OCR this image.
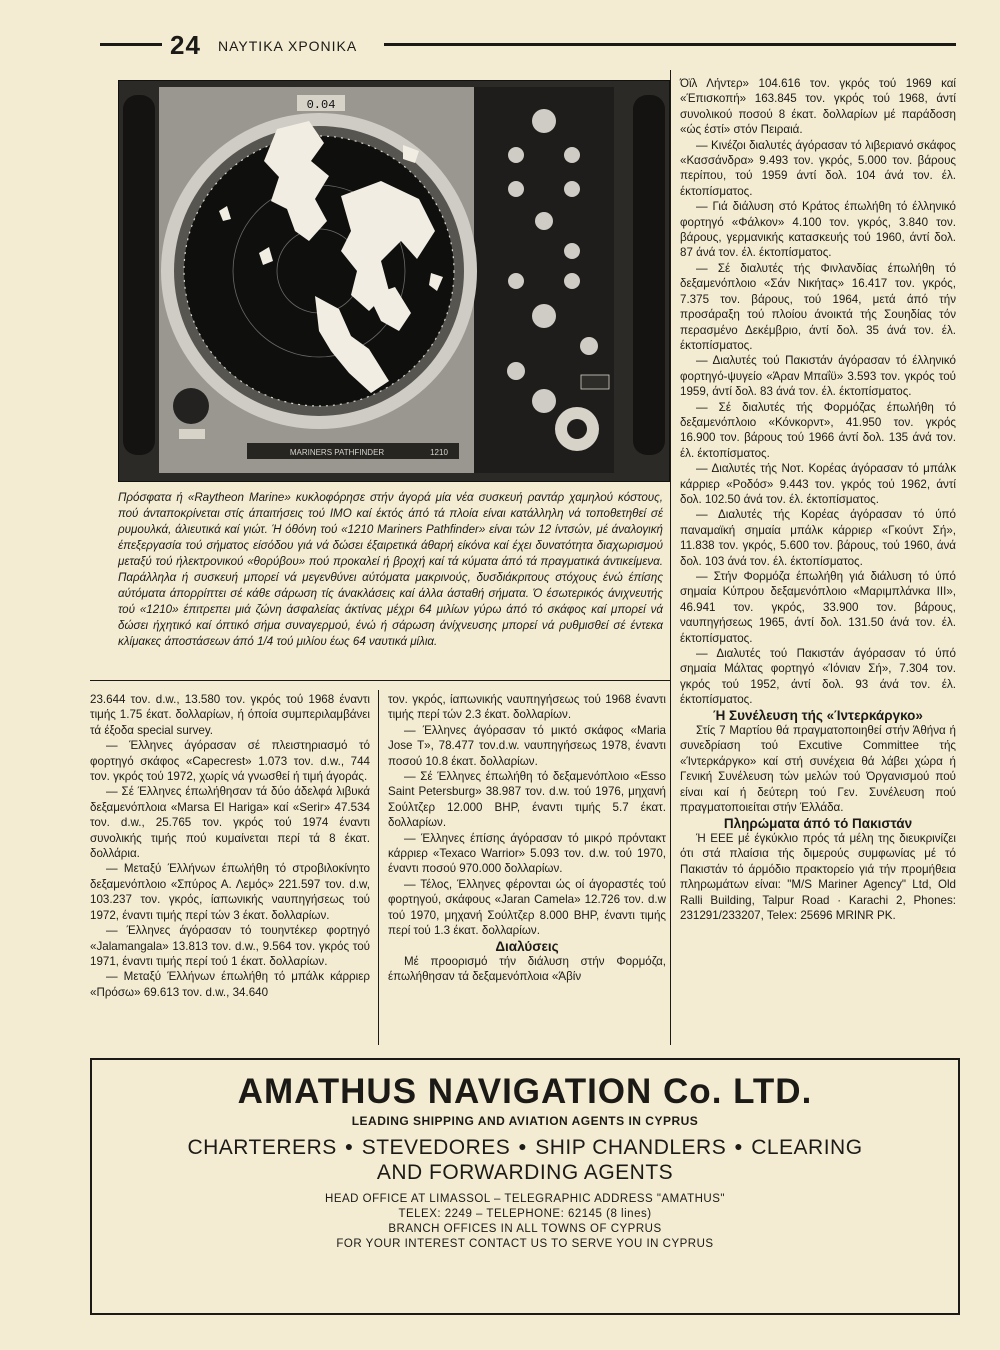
24 ΝΑΥΤΙΚΑ ΧΡΟΝΙΚΑ
0.04
MARINERS PATHFINDER	1210
Πρόσφατα ή «Raytheon Marine» κυκλοφόρησε στήν άγορά μία νέα συσκευή ραντάρ χαμηλού κόστους, πού άνταποκρίνεται στίς άπαιτήσεις τού ΙΜΟ καί έκτός άπό τά πλοία είναι κατάλληλη νά τοποθετηθεί σέ ρυμουλκά, άλιευτικά καί γιώτ. Ή όθόνη τού «1210 Mariners Pathfinder» είναι τών 12 ίντσών, μέ άναλογική έπεξεργασία τού σήματος είσόδου γιά νά δώσει έξαιρετικά άθαρή είκόνα καί έχει δυνατότητα διαχωρισμού μεταξύ τού ήλεκτρονικού «θορύβου» πού προκαλεί ή βροχή καί τά κύματα άπό τά πραγματικά άντικείμενα. Παράλληλα ή συσκευή μπορεί νά μεγενθύνει αύτόματα μακρινούς, δυσδιάκριτους στόχους ένώ έπίσης αύτόματα άπορρίπτει σέ κάθε σάρωση τίς άνακλάσεις καί άλλα άσταθή σήματα. Ό έσωτερικός άνιχνευτής τού «1210» έπιτρεπει μιά ζώνη άσφαλείας άκτίνας μέχρι 64 μιλίων γύρω άπό τό σκάφος καί μπορεί νά δώσει ήχητικό καί όπτικό σήμα συναγερμού, ένώ ή σάρωση άνίχνευσης μπορεί νά ρυθμισθεί σέ έντεκα κλίμακες άποστάσεων άπό 1/4 τού μιλίου έως 64 ναυτικά μίλια.

23.644 τον. d.w., 13.580 τον. γκρός τού 1968 έναντι τιμής 1.75 έκατ. δολλαρίων, ή όποία συμπεριλαμβάνει τά έξοδα special survey.

— Έλληνες άγόρασαν σέ πλειστηριασμό τό φορτηγό σκάφος «Capecrest» 1.073 τον. d.w., 744 τον. γκρός τού 1972, χωρίς νά γνωσθεί ή τιμή άγοράς.

— Σέ Έλληνες έπωλήθησαν τά δύο άδελφά λιβυκά δεξαμενόπλοια «Marsa El Hariga» καί «Serir» 47.534 τον. d.w., 25.765 τον. γκρός τού 1974 έναντι συνολικής τιμής πού κυμαίνεται περί τά 8 έκατ. δολλάρια.

— Μεταξύ Έλλήνων έπωλήθη τό στροβιλοκίνητο δεξαμενόπλοιο «Σπύρος Α. Λεμός» 221.597 τον. d.w, 103.237 τον. γκρός, ίαπωνικής ναυπηγήσεως τού 1972, έναντι τιμής περί τών 3 έκατ. δολλαρίων.

— Έλληνες άγόρασαν τό τουηντέκερ φορτηγό «Jalamangala» 13.813 τον. d.w., 9.564 τον. γκρός τού 1971, έναντι τιμής περί τού 1 έκατ. δολλαρίων.

— Μεταξύ Έλλήνων έπωλήθη τό μπάλκ κάρριερ «Πρόσω» 69.613 τον. d.w., 34.640

τον. γκρός, ίαπωνικής ναυπηγήσεως τού 1968 έναντι τιμής περί τών 2.3 έκατ. δολλαρίων.

— Έλληνες άγόρασαν τό μικτό σκάφος «Maria Jose T», 78.477 τον.d.w. ναυπηγήσεως 1978, έναντι ποσού 10.8 έκατ. δολλαρίων.

— Σέ Έλληνες έπωλήθη τό δεξαμενόπλοιο «Esso Saint Petersburg» 38.987 τον. d.w. τού 1976, μηχανή Σούλτζερ 12.000 ΒΗΡ, έναντι τιμής 5.7 έκατ. δολλαρίων.

— Έλληνες έπίσης άγόρασαν τό μικρό πρόντακτ κάρριερ «Texaco Warrior» 5.093 τον. d.w. τού 1970, έναντι ποσού 970.000 δολλαρίων.

— Τέλος, Έλληνες φέρονται ώς οί άγοραστές τού φορτηγού, σκάφους «Jaran Camela» 12.726 τον. d.w τού 1970, μηχανή Σούλτζερ 8.000 ΒΗΡ, έναντι τιμής περί τού 1.3 έκατ. δολλαρίων.

Διαλύσεις

Μέ προορισμό τήν διάλυση στήν Φορμόζα, έπωλήθησαν τά δεξαμενόπλοια «Άβίν

Όϊλ Λήντερ» 104.616 τον. γκρός τού 1969 καί «Έπισκοπή» 163.845 τον. γκρός τού 1968, άντί συνολικού ποσού 8 έκατ. δολλαρίων μέ παράδοση «ώς έστί» στόν Πειραιά.

— Κινέζοι διαλυτές άγόρασαν τό λιβεριανό σκάφος «Κασσάνδρα» 9.493 τον. γκρός, 5.000 τον. βάρους περίπου, τού 1959 άντί δολ. 104 άνά τον. έλ. έκτοπίσματος.

— Γιά διάλυση στό Κράτος έπωλήθη τό έλληνικό φορτηγό «Φάλκον» 4.100 τον. γκρός, 3.840 τον. βάρους, γερμανικής κατασκευής τού 1960, άντί δολ. 87 άνά τον. έλ. έκτοπίσματος.

— Σέ διαλυτές τής Φινλανδίας έπωλήθη τό δεξαμενόπλοιο «Σάν Νικήτας» 16.417 τον. γκρός, 7.375 τον. βάρους, τού 1964, μετά άπό τήν προσάραξη τού πλοίου άνοικτά τής Σουηδίας τόν περασμένο Δεκέμβριο, άντί δολ. 35 άνά τον. έλ. έκτοπίσματος.

— Διαλυτές τού Πακιστάν άγόρασαν τό έλληνικό φορτηγό-ψυγείο «Άραν Μπαΐϋ» 3.593 τον. γκρός τού 1959, άντί δολ. 83 άνά τον. έλ. έκτοπίσματος.

— Σέ διαλυτές τής Φορμόζας έπωλήθη τό δεξαμενόπλοιο «Κόνκορντ», 41.950 τον. γκρός 16.900 τον. βάρους τού 1966 άντί δολ. 135 άνά τον. έλ. έκτοπίσματος.

— Διαλυτές τής Νοτ. Κορέας άγόρασαν τό μπάλκ κάρριερ «Ροδόσ» 9.443 τον. γκρός τού 1962, άντί δολ. 102.50 άνά τον. έλ. έκτοπίσματος.

— Διαλυτές τής Κορέας άγόρασαν τό ύπό παναμαϊκή σημαία μπάλκ κάρριερ «Γκούντ Σή», 11.838 τον. γκρός, 5.600 τον. βάρους, τού 1960, άνά δολ. 103 άνά τον. έλ. έκτοπίσματος.

— Στήν Φορμόζα έπωλήθη γιά διάλυση τό ύπό σημαία Κύπρου δεξαμενόπλοιο «Μαριμπλάνκα ΙΙΙ», 46.941 τον. γκρός, 33.900 τον. βάρους, ναυπηγήσεως 1965, άντί δολ. 131.50 άνά τον. έλ. έκτοπίσματος.

— Διαλυτές τού Πακιστάν άγόρασαν τό ύπό σημαία Μάλτας φορτηγό «Ίόνιαν Σή», 7.304 τον. γκρός τού 1952, άντί δολ. 93 άνά τον. έλ. έκτοπίσματος.

Ή Συνέλευση τής «Ίντερκάργκο»

Στίς 7 Μαρτίου θά πραγματοποιηθεί στήν Άθήνα ή συνεδρίαση τού Excutive Committee τής «Ίντερκάργκο» καί στή συνέχεια θά λάβει χώρα ή Γενική Συνέλευση τών μελών τού Όργανισμού πού είναι καί ή δεύτερη τού Γεν. Συνέλευση πού πραγματοποιείται στήν Έλλάδα.

Πληρώματα άπό τό Πακιστάν

Ή ΕΕΕ μέ έγκύκλιο πρός τά μέλη της διευκρινίζει ότι στά πλαίσια τής διμερούς συμφωνίας μέ τό Πακιστάν τό άρμόδιο πρακτορείο γιά τήν προμήθεια πληρωμάτων είναι: "M/S Mariner Agency" Ltd, Old Ralli Building, Talpur Road · Karachi 2, Phones: 231291/233207, Telex: 25696 MRINR PK.

AMATHUS NAVIGATION Co. LTD.
LEADING SHIPPING AND AVIATION AGENTS IN CYPRUS
CHARTERERS ● STEVEDORES ● SHIP CHANDLERS ● CLEARING
AND FORWARDING AGENTS
HEAD OFFICE AT LIMASSOL – TELEGRAPHIC ADDRESS "AMATHUS"
TELEX: 2249 – TELEPHONE: 62145 (8 lines)
BRANCH OFFICES IN ALL TOWNS OF CYPRUS
FOR YOUR INTEREST CONTACT US TO SERVE YOU IN CYPRUS
